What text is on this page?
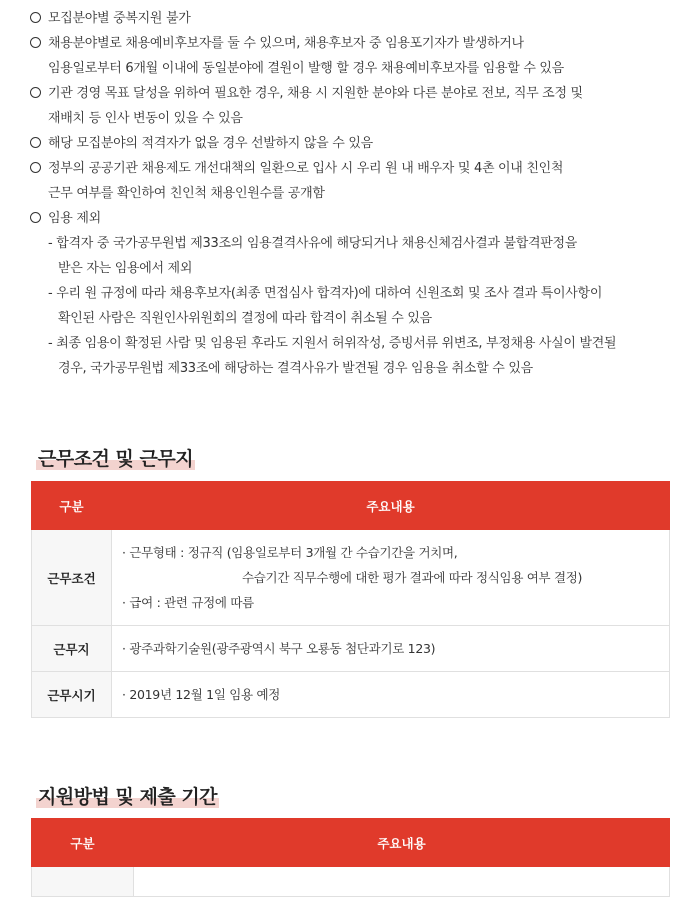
모집분야별 중복지원 불가
채용분야별로 채용예비후보자를 둘 수 있으며, 채용후보자 중 임용포기자가 발생하거나
임용일로부터 6개월 이내에 동일분야에 결원이 발행 할 경우 채용예비후보자를 임용할 수 있음
기관 경영 목표 달성을 위하여 필요한 경우, 채용 시 지원한 분야와 다른 분야로 전보, 직무 조정 및
재배치 등 인사 변동이 있을 수 있음
해당 모집분야의 적격자가 없을 경우 선발하지 않을 수 있음
정부의 공공기관 채용제도 개선대책의 일환으로 입사 시 우리 원 내 배우자 및 4촌 이내 친인척
근무 여부를 확인하여 친인척 채용인원수를 공개함
임용 제외
- 합격자 중 국가공무원법 제33조의 임용결격사유에 해당되거나 채용신체검사결과 불합격판정을
받은 자는 임용에서 제외
- 우리 원 규정에 따라 채용후보자(최종 면접심사 합격자)에 대하여 신원조회 및 조사 결과 특이사항이
확인된 사람은 직원인사위원회의 결정에 따라 합격이 취소될 수 있음
- 최종 임용이 확정된 사람 및 임용된 후라도 지원서 허위작성, 증빙서류 위변조, 부정채용 사실이 발견될
경우, 국가공무원법 제33조에 해당하는 결격사유가 발견될 경우 임용을 취소할 수 있음
근무조건 및 근무지
구분	주요내용
근무조건	· 근무형태 : 정규직 (임용일로부터 3개월 간 수습기간을 거치며,
수습기간 직무수행에 대한 평가 결과에 따라 정식임용 여부 결정)
· 급여 : 관련 규정에 따름

근무지	· 광주과학기술원(광주광역시 북구 오룡동 첨단과기로 123)
근무시기	· 2019년 12월 1일 임용 예정
지원방법 및 제출 기간
구분	주요내용
